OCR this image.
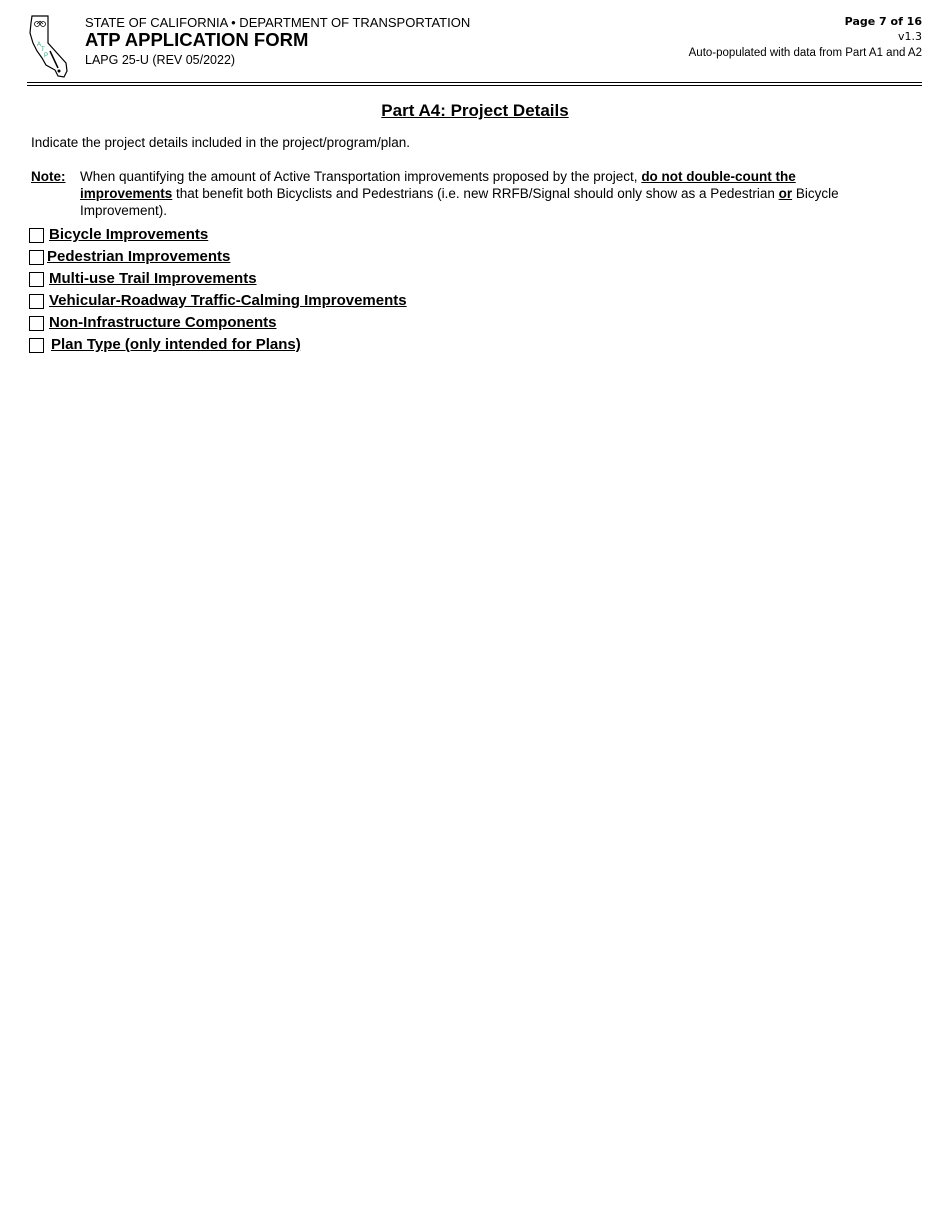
A
T
P
STATE OF CALIFORNIA • DEPARTMENT OF TRANSPORTATION
ATP APPLICATION FORM
LAPG 25-U (REV 05/2022)
Page 7 of 16
v1.3
Auto-populated with data from Part A1 and A2
Part A4: Project Details
Indicate the project details included in the project/program/plan.
Note: When quantifying the amount of Active Transportation improvements proposed by the project, do not double-count the improvements that benefit both Bicyclists and Pedestrians (i.e. new RRFB/Signal should only show as a Pedestrian or Bicycle Improvement).
Bicycle Improvements
Pedestrian Improvements
Multi-use Trail Improvements
Vehicular-Roadway Traffic-Calming Improvements
Non-Infrastructure Components
Plan Type (only intended for Plans)
